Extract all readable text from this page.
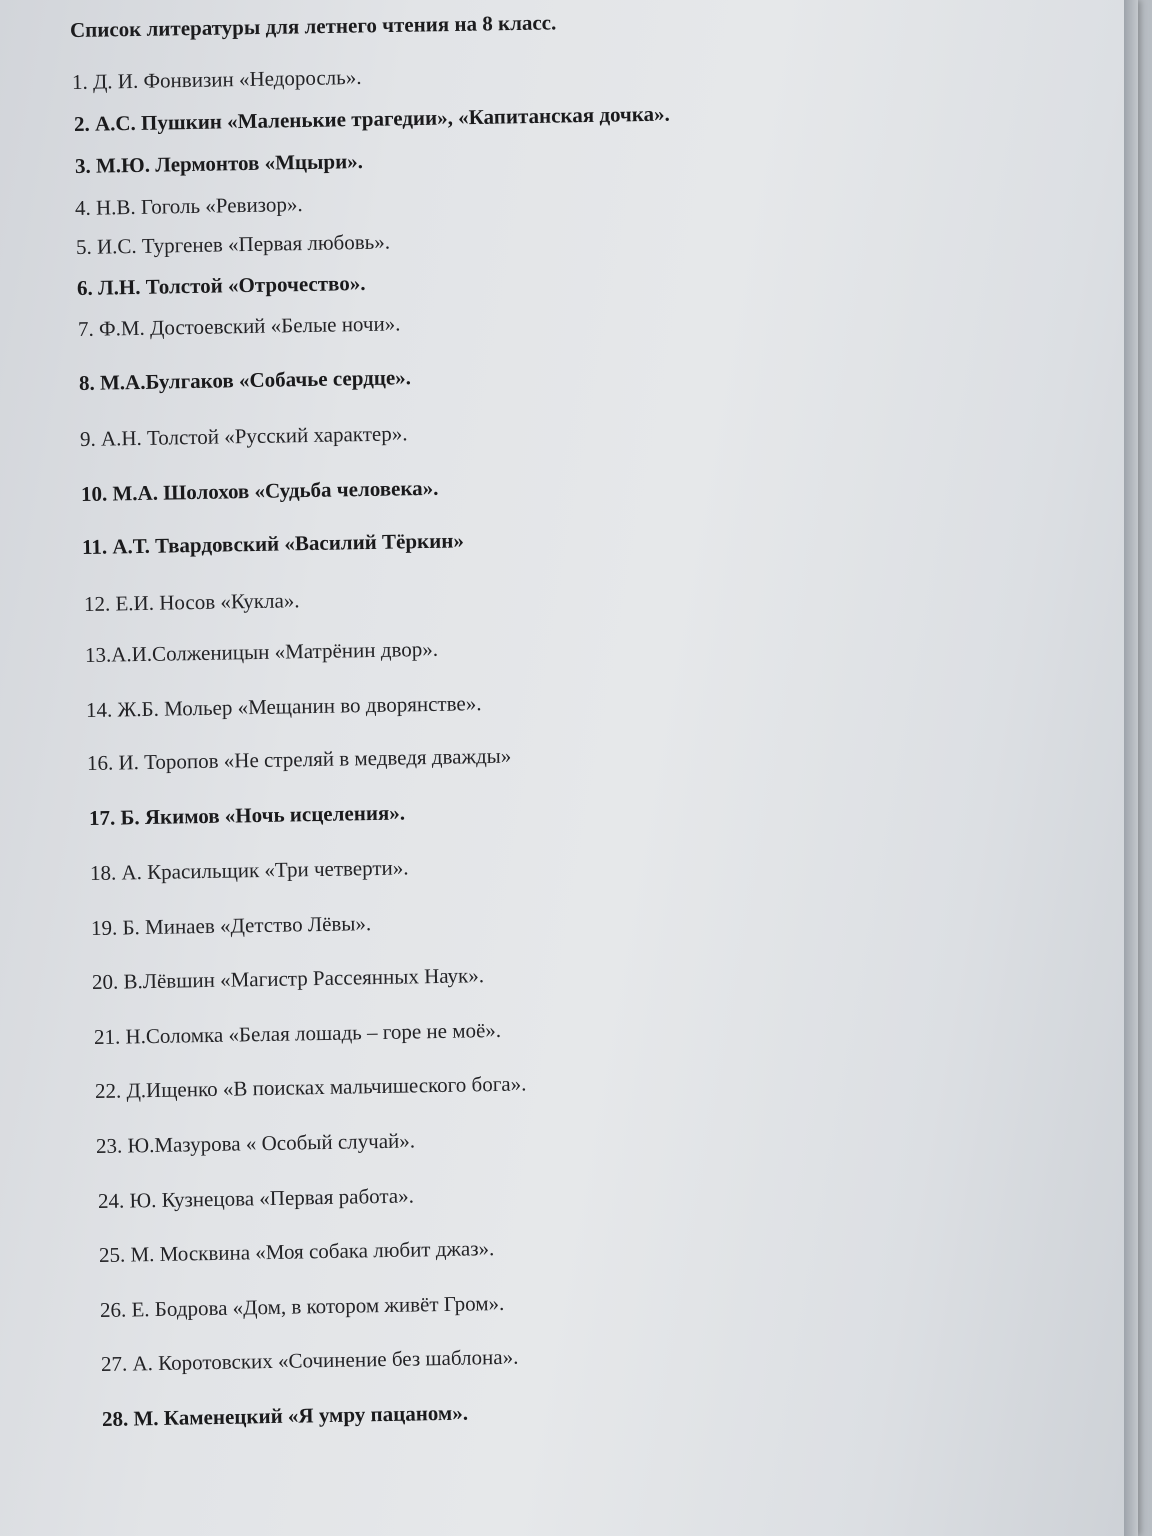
Список литературы для летнего чтения на 8 класс.
1. Д. И. Фонвизин «Недоросль».
2. А.С. Пушкин «Маленькие трагедии», «Капитанская дочка».
3. М.Ю. Лермонтов «Мцыри».
4. Н.В. Гоголь «Ревизор».
5. И.С. Тургенев «Первая любовь».
6. Л.Н. Толстой «Отрочество».
7. Ф.М. Достоевский «Белые ночи».
8. М.А.Булгаков «Собачье сердце».
9. А.Н. Толстой «Русский характер».
10. М.А. Шолохов «Судьба человека».
11. А.Т. Твардовский «Василий Тёркин»
12. Е.И. Носов «Кукла».
13.А.И.Солженицын «Матрёнин двор».
14. Ж.Б. Мольер «Мещанин во дворянстве».
16. И. Торопов «Не стреляй в медведя дважды»
17. Б. Якимов «Ночь исцеления».
18. А. Красильщик «Три четверти».
19. Б. Минаев «Детство Лёвы».
20. В.Лёвшин «Магистр Рассеянных Наук».
21. Н.Соломка «Белая лошадь – горе не моё».
22. Д.Ищенко «В поисках мальчишеского бога».
23. Ю.Мазурова « Особый случай».
24. Ю. Кузнецова «Первая работа».
25. М. Москвина «Моя собака любит джаз».
26. Е. Бодрова «Дом, в котором живёт Гром».
27. А. Коротовских «Сочинение без шаблона».
28. М. Каменецкий «Я умру пацаном».
